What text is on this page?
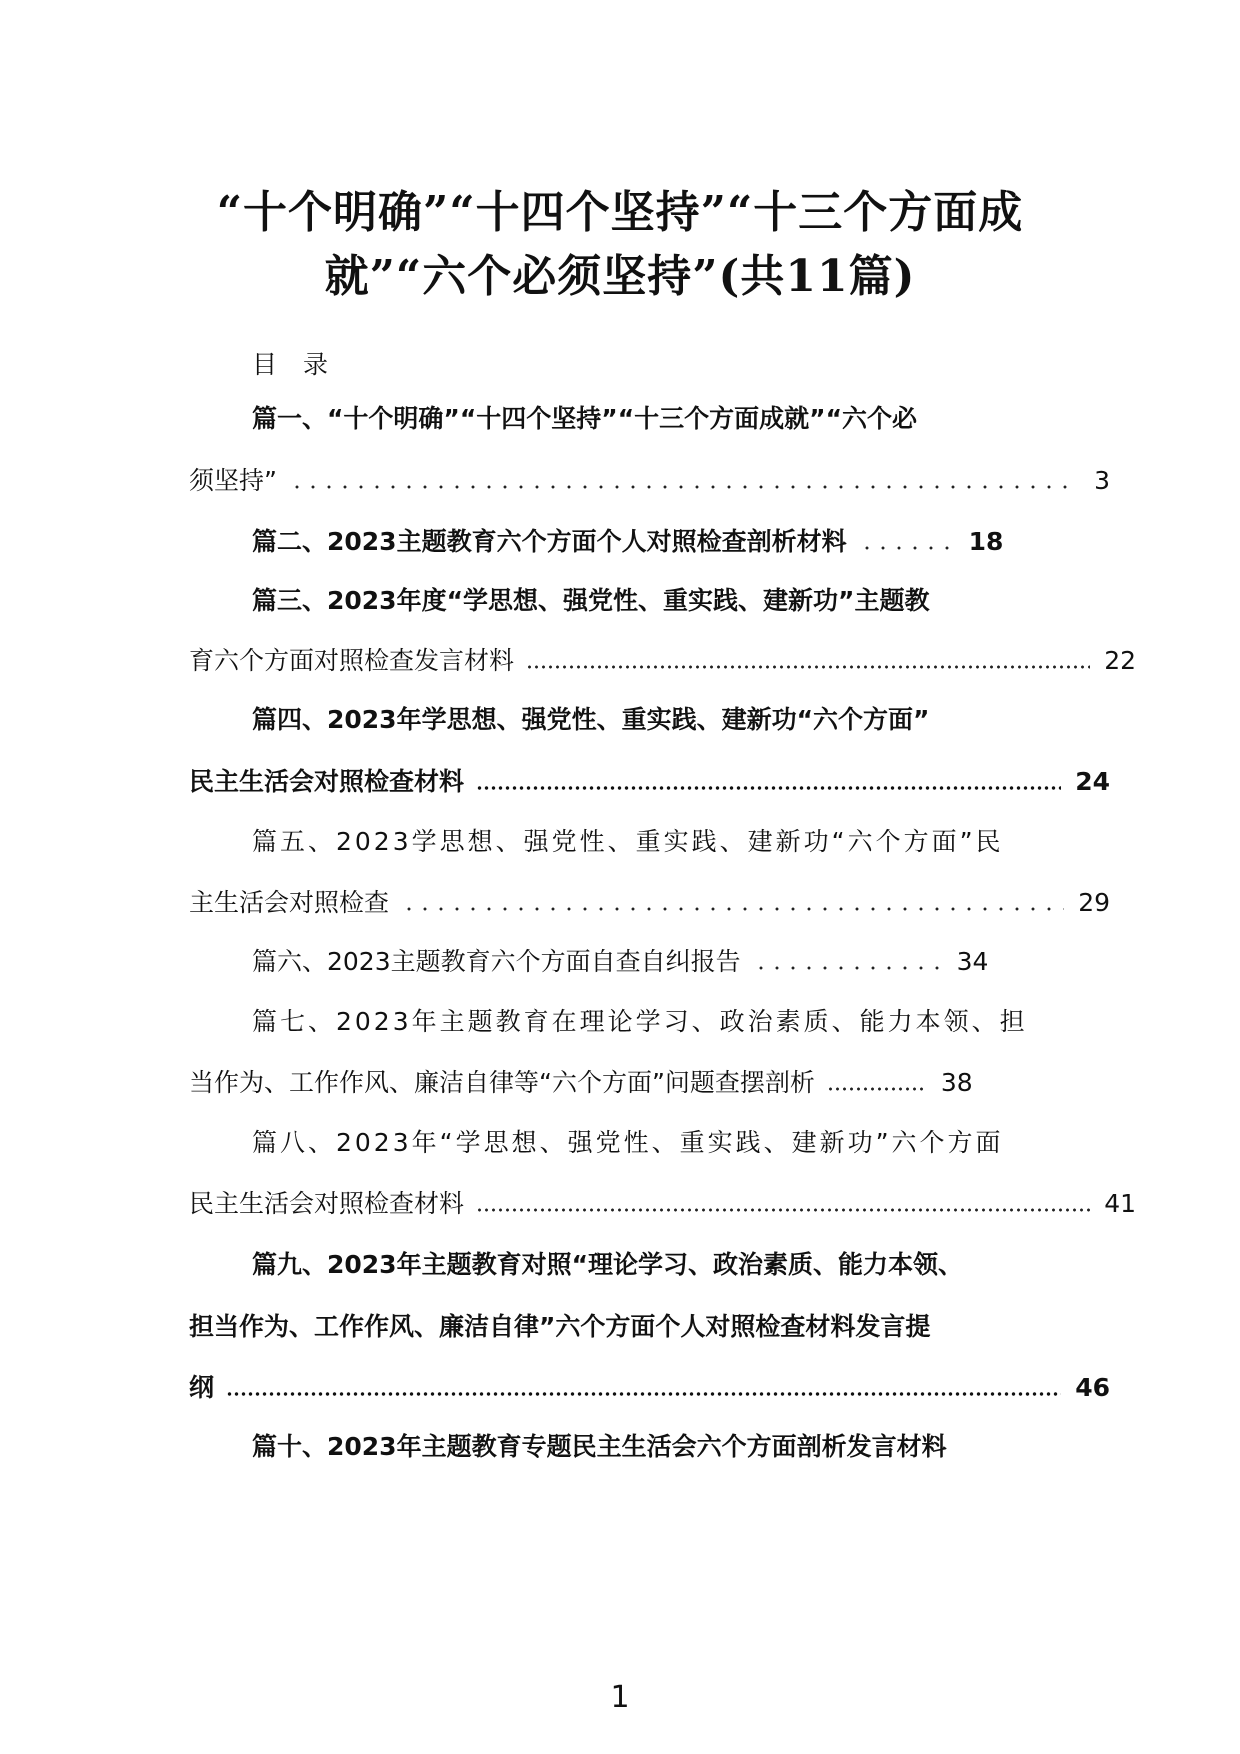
“十个明确”“十四个坚持”“十三个方面成
就”“六个必须坚持”(共11篇)
目录
篇一、“十个明确”“十四个坚持”“十三个方面成就”“六个必
须坚持”	3
篇二、2023主题教育六个方面个人对照检查剖析材料	18
篇三、2023年度“学思想、强党性、重实践、建新功”主题教
育六个方面对照检查发言材料	22
篇四、2023年学思想、强党性、重实践、建新功“六个方面”
民主生活会对照检查材料	24
篇五、2023学思想、强党性、重实践、建新功“六个方面”民
主生活会对照检查	29
篇六、2023主题教育六个方面自查自纠报告	34
篇七、2023年主题教育在理论学习、政治素质、能力本领、担
当作为、工作作风、廉洁自律等“六个方面”问题查摆剖析	38
篇八、2023年“学思想、强党性、重实践、建新功”六个方面
民主生活会对照检查材料	41
篇九、2023年主题教育对照“理论学习、政治素质、能力本领、
担当作为、工作作风、廉洁自律”六个方面个人对照检查材料发言提
纲	46
篇十、2023年主题教育专题民主生活会六个方面剖析发言材料
1
